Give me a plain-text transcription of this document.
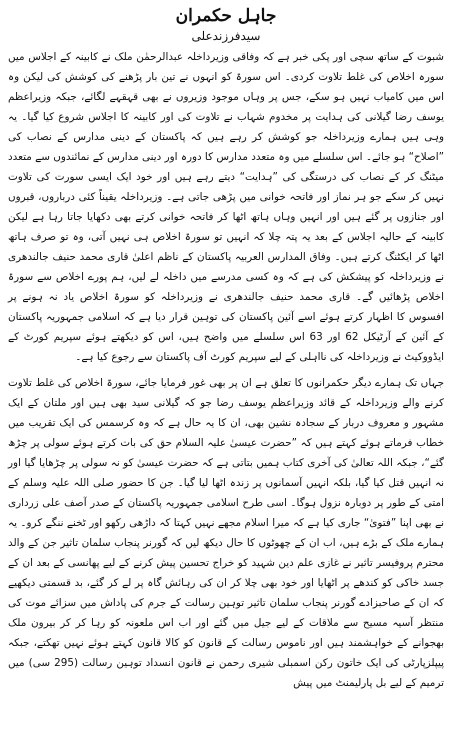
جاہل حکمران
سیدفرزندعلی

شبوت کے ساتھ سچی اور پکی خبر ہے کہ وفاقی وزیرداخلہ عبدالرحمٰن ملک نے کابینہ کے اجلاس میں سورہ اخلاص کی غلط تلاوت کردی۔ اس سورۃ کو انہوں نے تین بار پڑھنے کی کوشش کی لیکن وہ اس میں کامیاب نہیں ہو سکے، جس پر وہاں موجود وزیروں نے بھی قہقہے لگائے، جبکہ وزیراعظم یوسف رضا گیلانی کی ہدایت پر مخدوم شہاب نے تلاوت کی اور کابینہ کا اجلاس شروع کیا گیا۔ یہ وہی ہیں ہمارے وزیرداخلہ جو کوشش کر رہے ہیں کہ پاکستان کے دینی مدارس کے نصاب کی ”اصلاح“ ہو جائے۔ اس سلسلے میں وہ متعدد مدارس کا دورہ اور دینی مدارس کے نمائندوں سے متعدد میٹنگ کر کے نصاب کی درستگی کی ”ہدایت“ دیتے رہے ہیں اور خود ایک ایسی سورت کی تلاوت نہیں کر سکے جو ہر نماز اور فاتحہ خوانی میں پڑھی جاتی ہے۔ وزیرداخلہ یقیناً کئی درباروں، قبروں اور جنازوں پر گئے ہیں اور انہیں وہاں ہاتھ اٹھا کر فاتحہ خوانی کرتے بھی دکھایا جاتا رہا ہے لیکن کابینہ کے حالیہ اجلاس کے بعد یہ پتہ چلا کہ انہیں تو سورۃ اخلاص ہی نہیں آتی، وہ تو صرف ہاتھ اٹھا کر ایکٹنگ کرتے ہیں۔ وفاق المدارس العربیہ پاکستان کے ناظم اعلیٰ قاری محمد حنیف جالندھری نے وزیرداخلہ کو پیشکش کی ہے کہ وہ کسی مدرسے میں داخلہ لے لیں، ہم پورے اخلاص سے سورۃ اخلاص پڑھائیں گے۔ قاری محمد حنیف جالندھری نے وزیرداخلہ کو سورۃ اخلاص یاد نہ ہونے پر افسوس کا اظہار کرتے ہوئے اسے آئین پاکستان کی توہین قرار دیا ہے کہ اسلامی جمہوریہ پاکستان کے آئین کے آرٹیکل 62 اور 63 اس سلسلے میں واضح ہیں، اس کو دیکھتے ہوئے سپریم کورٹ کے ایڈووکیٹ نے وزیرداخلہ کی نااہلی کے لیے سپریم کورٹ آف پاکستان سے رجوع کیا ہے۔

جہاں تک ہمارے دیگر حکمرانوں کا تعلق ہے ان پر بھی غور فرمایا جائے، سورۃ اخلاص کی غلط تلاوت کرنے والے وزیرداخلہ کے قائد وزیراعظم یوسف رضا جو کہ گیلانی سید بھی ہیں اور ملتان کے ایک مشہور و معروف دربار کے سجادہ نشین بھی، ان کا یہ حال ہے کہ وہ کرسمس کی ایک تقریب میں خطاب فرماتے ہوئے کہتے ہیں کہ ”حضرت عیسیٰ علیہ السلام حق کی بات کرتے ہوئے سولی پر چڑھ گئے“، جبکہ اللہ تعالیٰ کی آخری کتاب ہمیں بتاتی ہے کہ حضرت عیسیٰ کو نہ سولی پر چڑھایا گیا اور نہ انہیں قتل کیا گیا، بلکہ انہیں آسمانوں پر زندہ اٹھا لیا گیا۔ جن کا حضور صلی اللہ علیہ وسلم کے امتی کے طور پر دوبارہ نزول ہوگا۔ اسی طرح اسلامی جمہوریہ پاکستان کے صدر آصف علی زرداری نے بھی اپنا ”فتویٰ“ جاری کیا ہے کہ میرا اسلام مجھے نہیں کہتا کہ داڑھی رکھو اور ٹخنے ننگے کرو۔ یہ ہمارے ملک کے بڑے ہیں، اب ان کے چھوٹوں کا حال دیکھ لیں کہ گورنر پنجاب سلمان تاثیر جن کے والد محترم پروفیسر تاثیر نے غازی علم دین شہید کو خراج تحسین پیش کرنے کے لیے پھانسی کے بعد ان کے جسد خاکی کو کندھے پر اٹھایا اور خود بھی چلا کر ان کی رہائش گاہ پر لے کر گئے، بد قسمتی دیکھیے کہ ان کے صاحبزادے گورنر پنجاب سلمان تاثیر توہین رسالت کے جرم کی پاداش میں سزائے موت کی منتظر آسیہ مسیح سے ملاقات کے لیے جیل میں گئے اور اب اس ملعونہ کو رہا کر کر بیرون ملک بھجوانے کے خواہشمند ہیں اور ناموس رسالت کے قانون کو کالا قانون کہتے ہوئے نہیں تھکتے، جبکہ پیپلزپارٹی کی ایک خاتون رکن اسمبلی شیری رحمن نے قانون انسداد توہین رسالت (295 سی) میں ترمیم کے لیے بل پارلیمنٹ میں پیش
